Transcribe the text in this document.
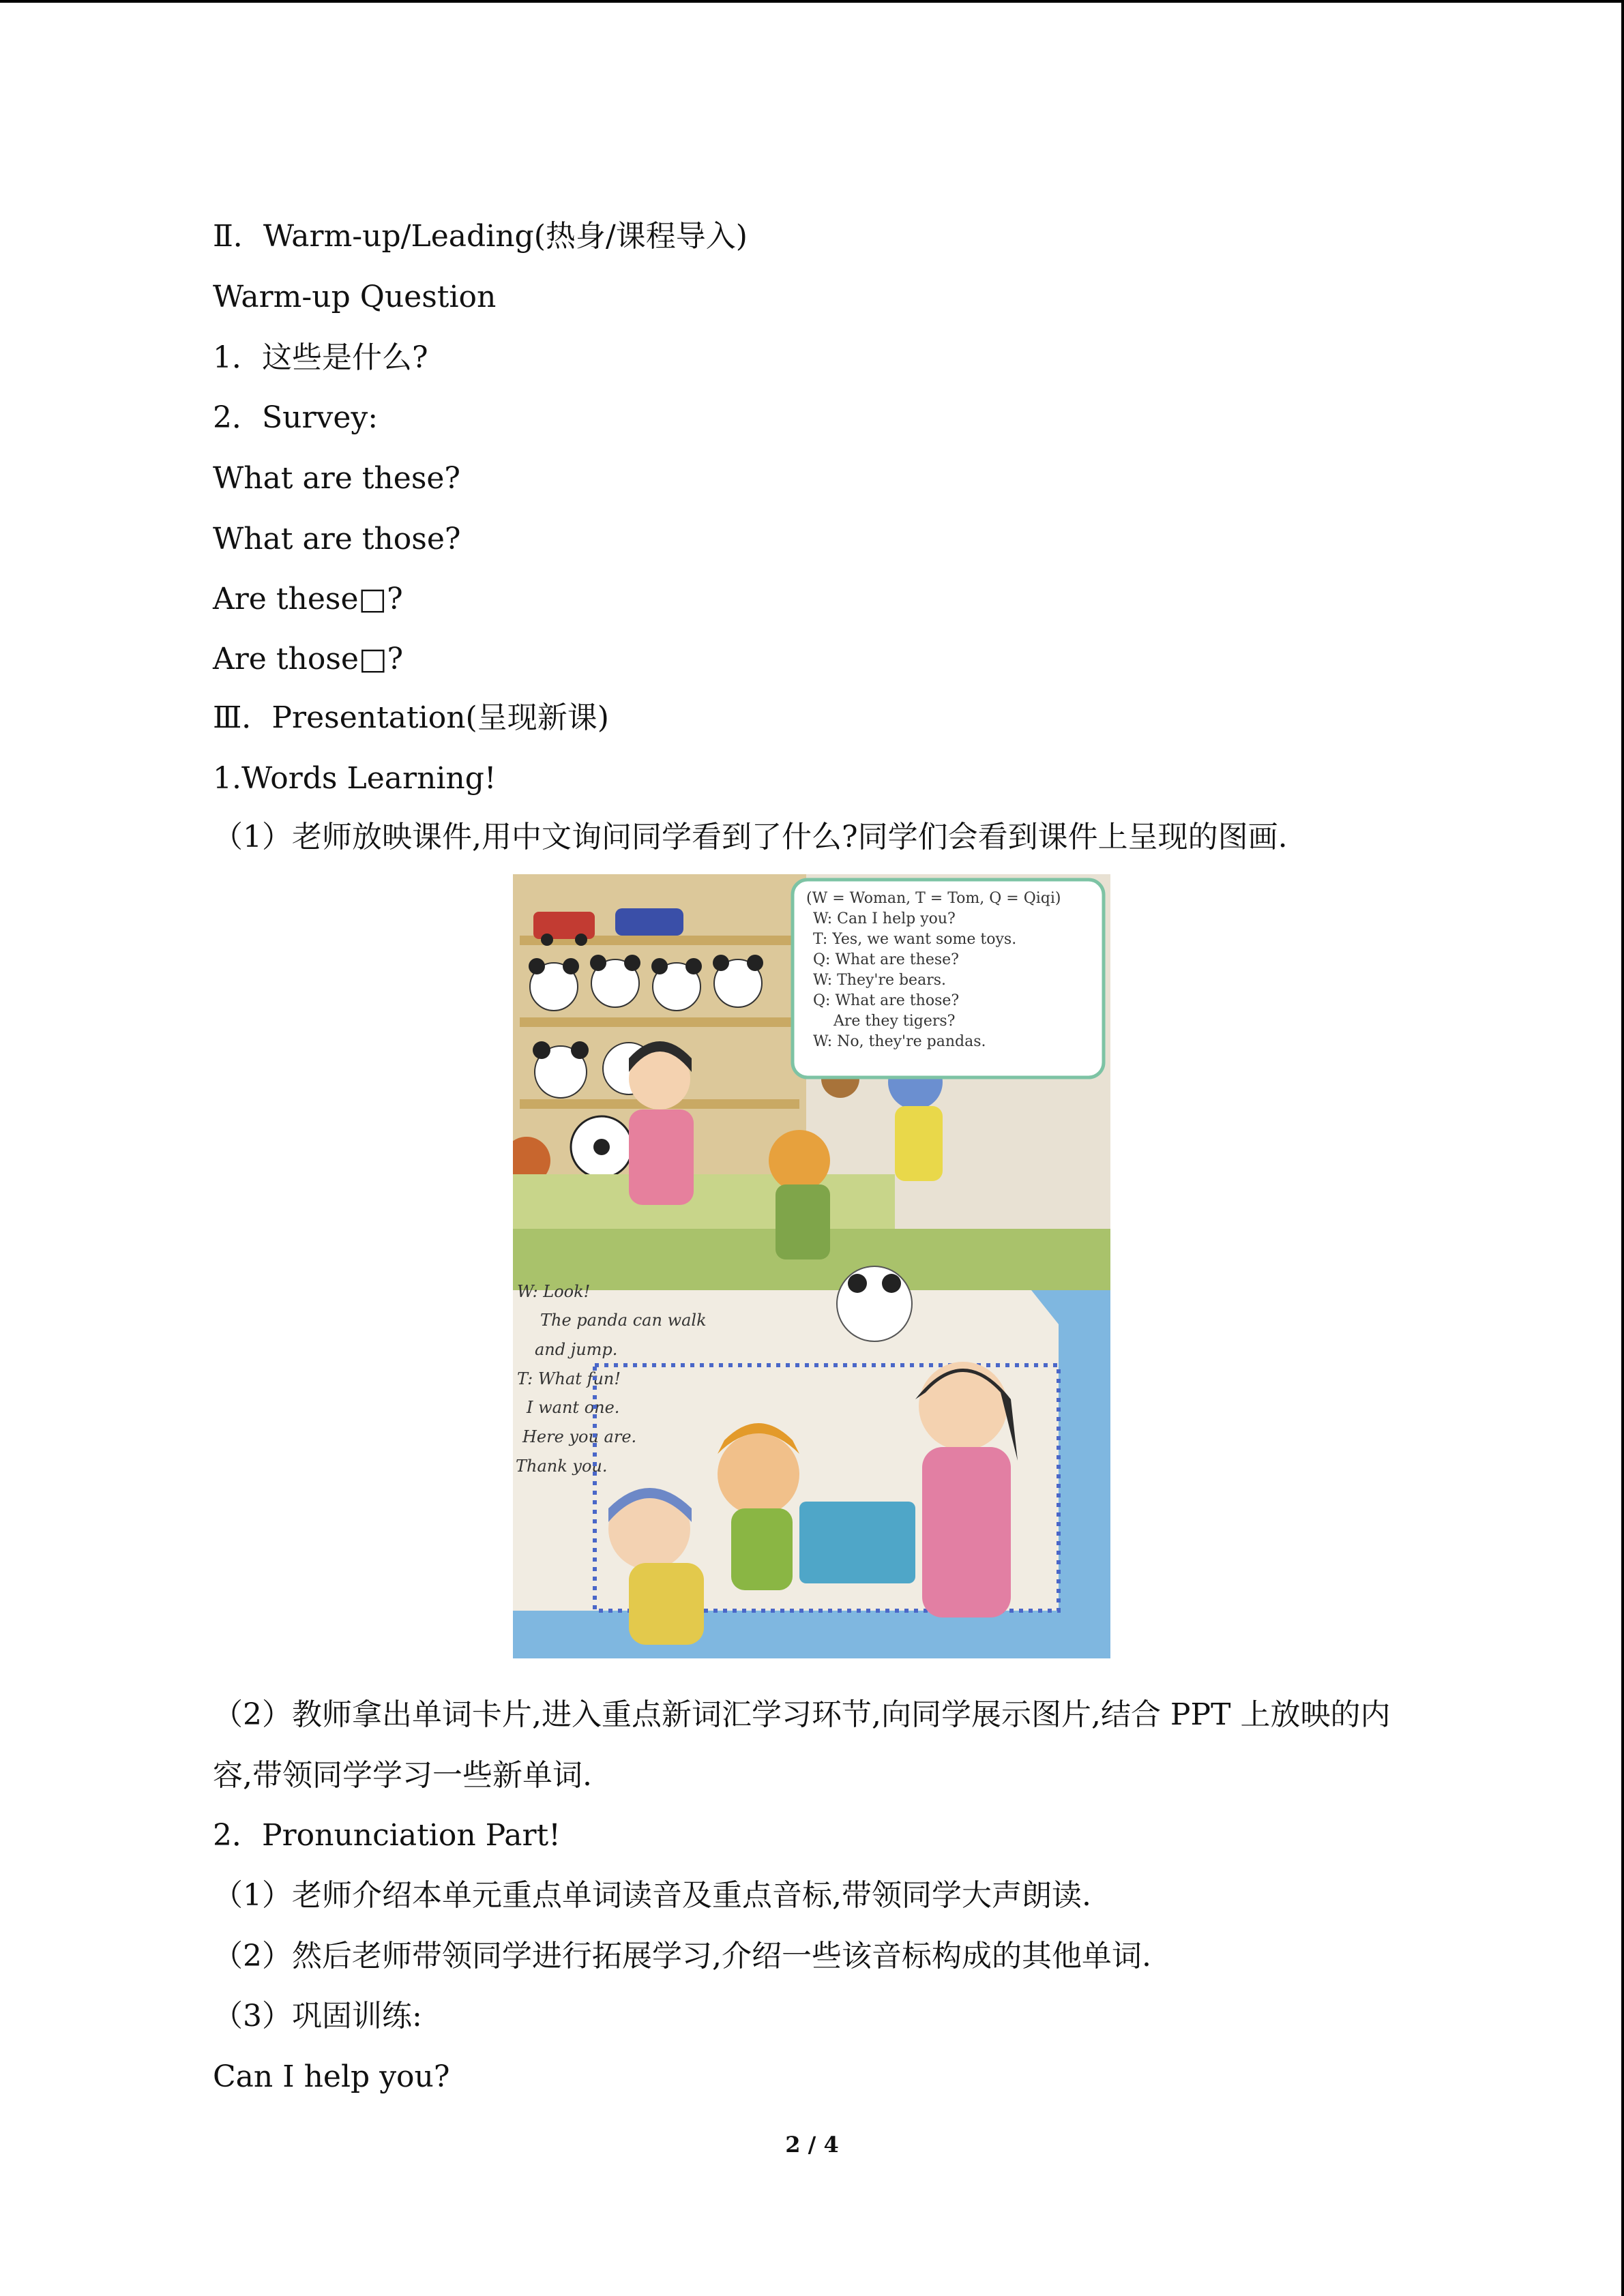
Ⅱ．Warm-up/Leading(热身/课程导入)
Warm-up Question
1．这些是什么?
2．Survey:
What are these?
What are those?
Are these□?
Are those□?
Ⅲ．Presentation(呈现新课)
1.Words Learning!
（1）老师放映课件,用中文询问同学看到了什么?同学们会看到课件上呈现的图画.
（2）教师拿出单词卡片,进入重点新词汇学习环节,向同学展示图片,结合 PPT 上放映的内
容,带领同学学习一些新单词.
2．Pronunciation Part!
（1）老师介绍本单元重点单词读音及重点音标,带领同学大声朗读.
（2）然后老师带领同学进行拓展学习,介绍一些该音标构成的其他单词.
（3）巩固训练:
Can I help you?
(W = Woman, T = Tom, Q = Qiqi)
W: Can I help you?
T: Yes, we want some toys.
Q: What are these?
W: They're bears.
Q: What are those?
Are they tigers?
W: No, they're pandas.
W: Look!
The panda can walk
and jump.
T: What fun!
I want one.
Here you are.
Thank you.
2 / 4
